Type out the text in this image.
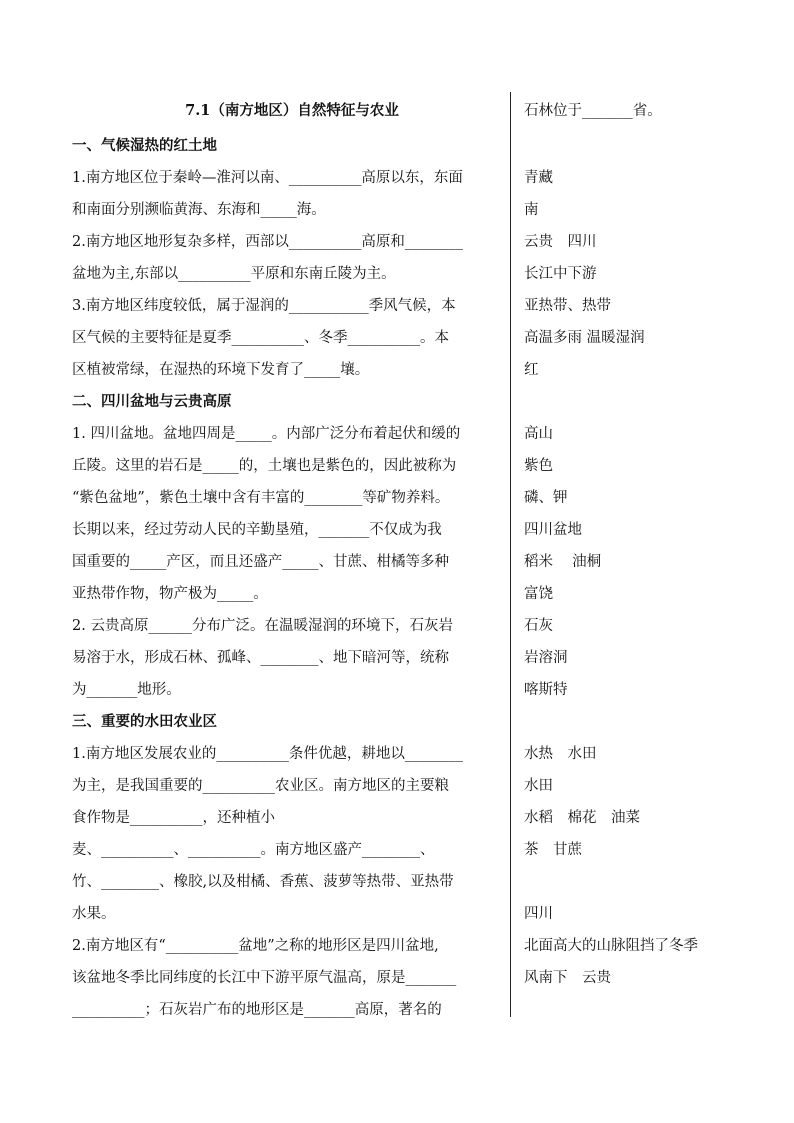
7.1（南方地区）自然特征与农业
一、气候湿热的红土地
1.南方地区位于秦岭—淮河以南、__________高原以东，东面
和南面分别濒临黄海、东海和_____海。
2.南方地区地形复杂多样，西部以__________高原和________
盆地为主,东部以__________平原和东南丘陵为主。
3.南方地区纬度较低，属于湿润的___________季风气候，本
区气候的主要特征是夏季__________、冬季__________。本
区植被常绿，在湿热的环境下发育了_____壤。
二、四川盆地与云贵高原
1. 四川盆地。盆地四周是_____。内部广泛分布着起伏和缓的
丘陵。这里的岩石是_____的，土壤也是紫色的，因此被称为
“紫色盆地”，紫色土壤中含有丰富的________等矿物养料。
长期以来，经过劳动人民的辛勤垦殖，_______不仅成为我
国重要的_____产区，而且还盛产_____、甘蔗、柑橘等多种
亚热带作物，物产极为_____。
2. 云贵高原______分布广泛。在温暖湿润的环境下，石灰岩
易溶于水，形成石林、孤峰、________、地下暗河等，统称
为_______地形。
三、重要的水田农业区
1.南方地区发展农业的__________条件优越，耕地以________
为主，是我国重要的__________农业区。南方地区的主要粮
食作物是__________，还种植小
麦、__________、__________。南方地区盛产________、
竹、________、橡胶,以及柑橘、香蕉、菠萝等热带、亚热带
水果。
2.南方地区有“__________盆地”之称的地形区是四川盆地,
该盆地冬季比同纬度的长江中下游平原气温高，原是_______
__________；石灰岩广布的地形区是_______高原，著名的
石林位于_______省。
青藏
南
云贵　四川
长江中下游
亚热带、热带
高温多雨 温暖湿润
红
高山
紫色
磷、钾
四川盆地
稻米　 油桐
富饶
石灰
岩溶洞
喀斯特
水热　水田
水田
水稻　棉花　油菜
茶　甘蔗
四川
北面高大的山脉阻挡了冬季
风南下　云贵
